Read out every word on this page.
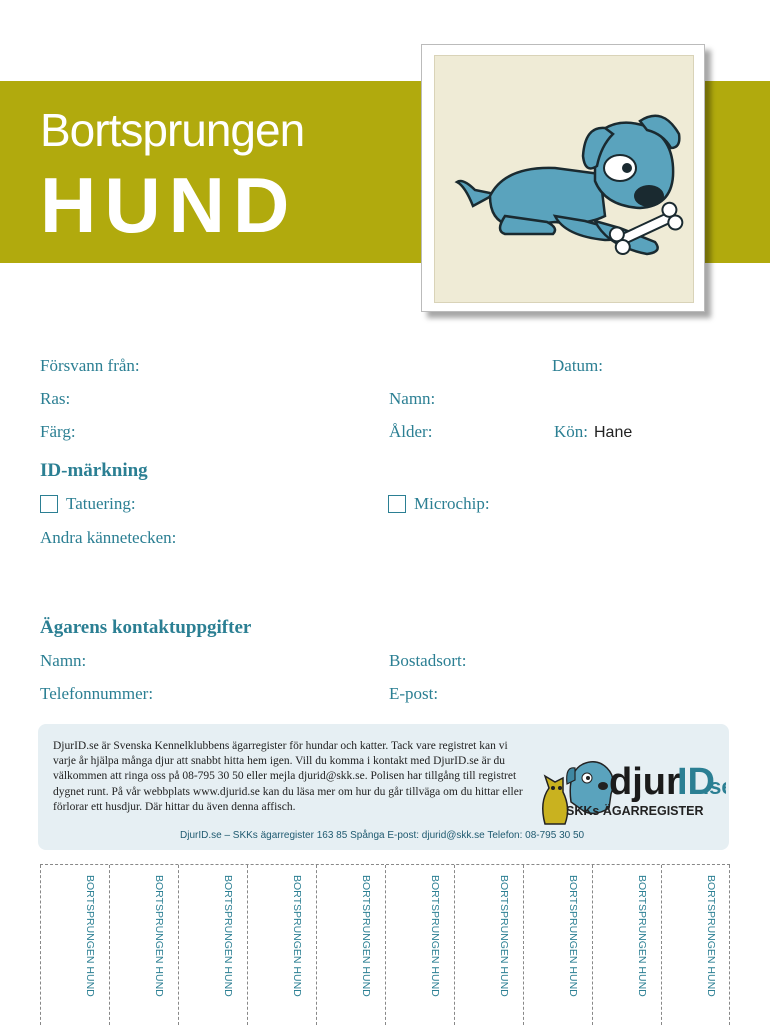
Bortsprungen
HUND
Försvann från:	Datum:
Ras:	Namn:
Färg:	Ålder:	Kön: Hane
ID-märkning
Tatuering:	Microchip:
Andra kännetecken:
Ägarens kontaktuppgifter
Namn:	Bostadsort:
Telefonnummer:	E-post:
DjurID.se är Svenska Kennelklubbens ägarregister för hundar och katter. Tack vare registret kan vi varje år hjälpa många djur att snabbt hitta hem igen. Vill du komma i kontakt med DjurID.se är du välkommen att ringa oss på 08-795 30 50 eller mejla djurid@skk.se. Polisen har tillgång till registret dygnet runt. På vår webbplats www.djurid.se kan du läsa mer om hur du går tillväga om du hittar eller förlorar ett husdjur. Där hittar du även denna affisch.
djur
ID
.s
SKKs ÄGARREGISTER
DjurID.se – SKKs ägarregister 163 85 Spånga E-post: djurid@skk.se Telefon: 08-795 30 50
BORTSPRUNGEN HUND	BORTSPRUNGEN HUND	BORTSPRUNGEN HUND	BORTSPRUNGEN HUND	BORTSPRUNGEN HUND	BORTSPRUNGEN HUND	BORTSPRUNGEN HUND	BORTSPRUNGEN HUND	BORTSPRUNGEN HUND	BORTSPRUNGEN HUND
